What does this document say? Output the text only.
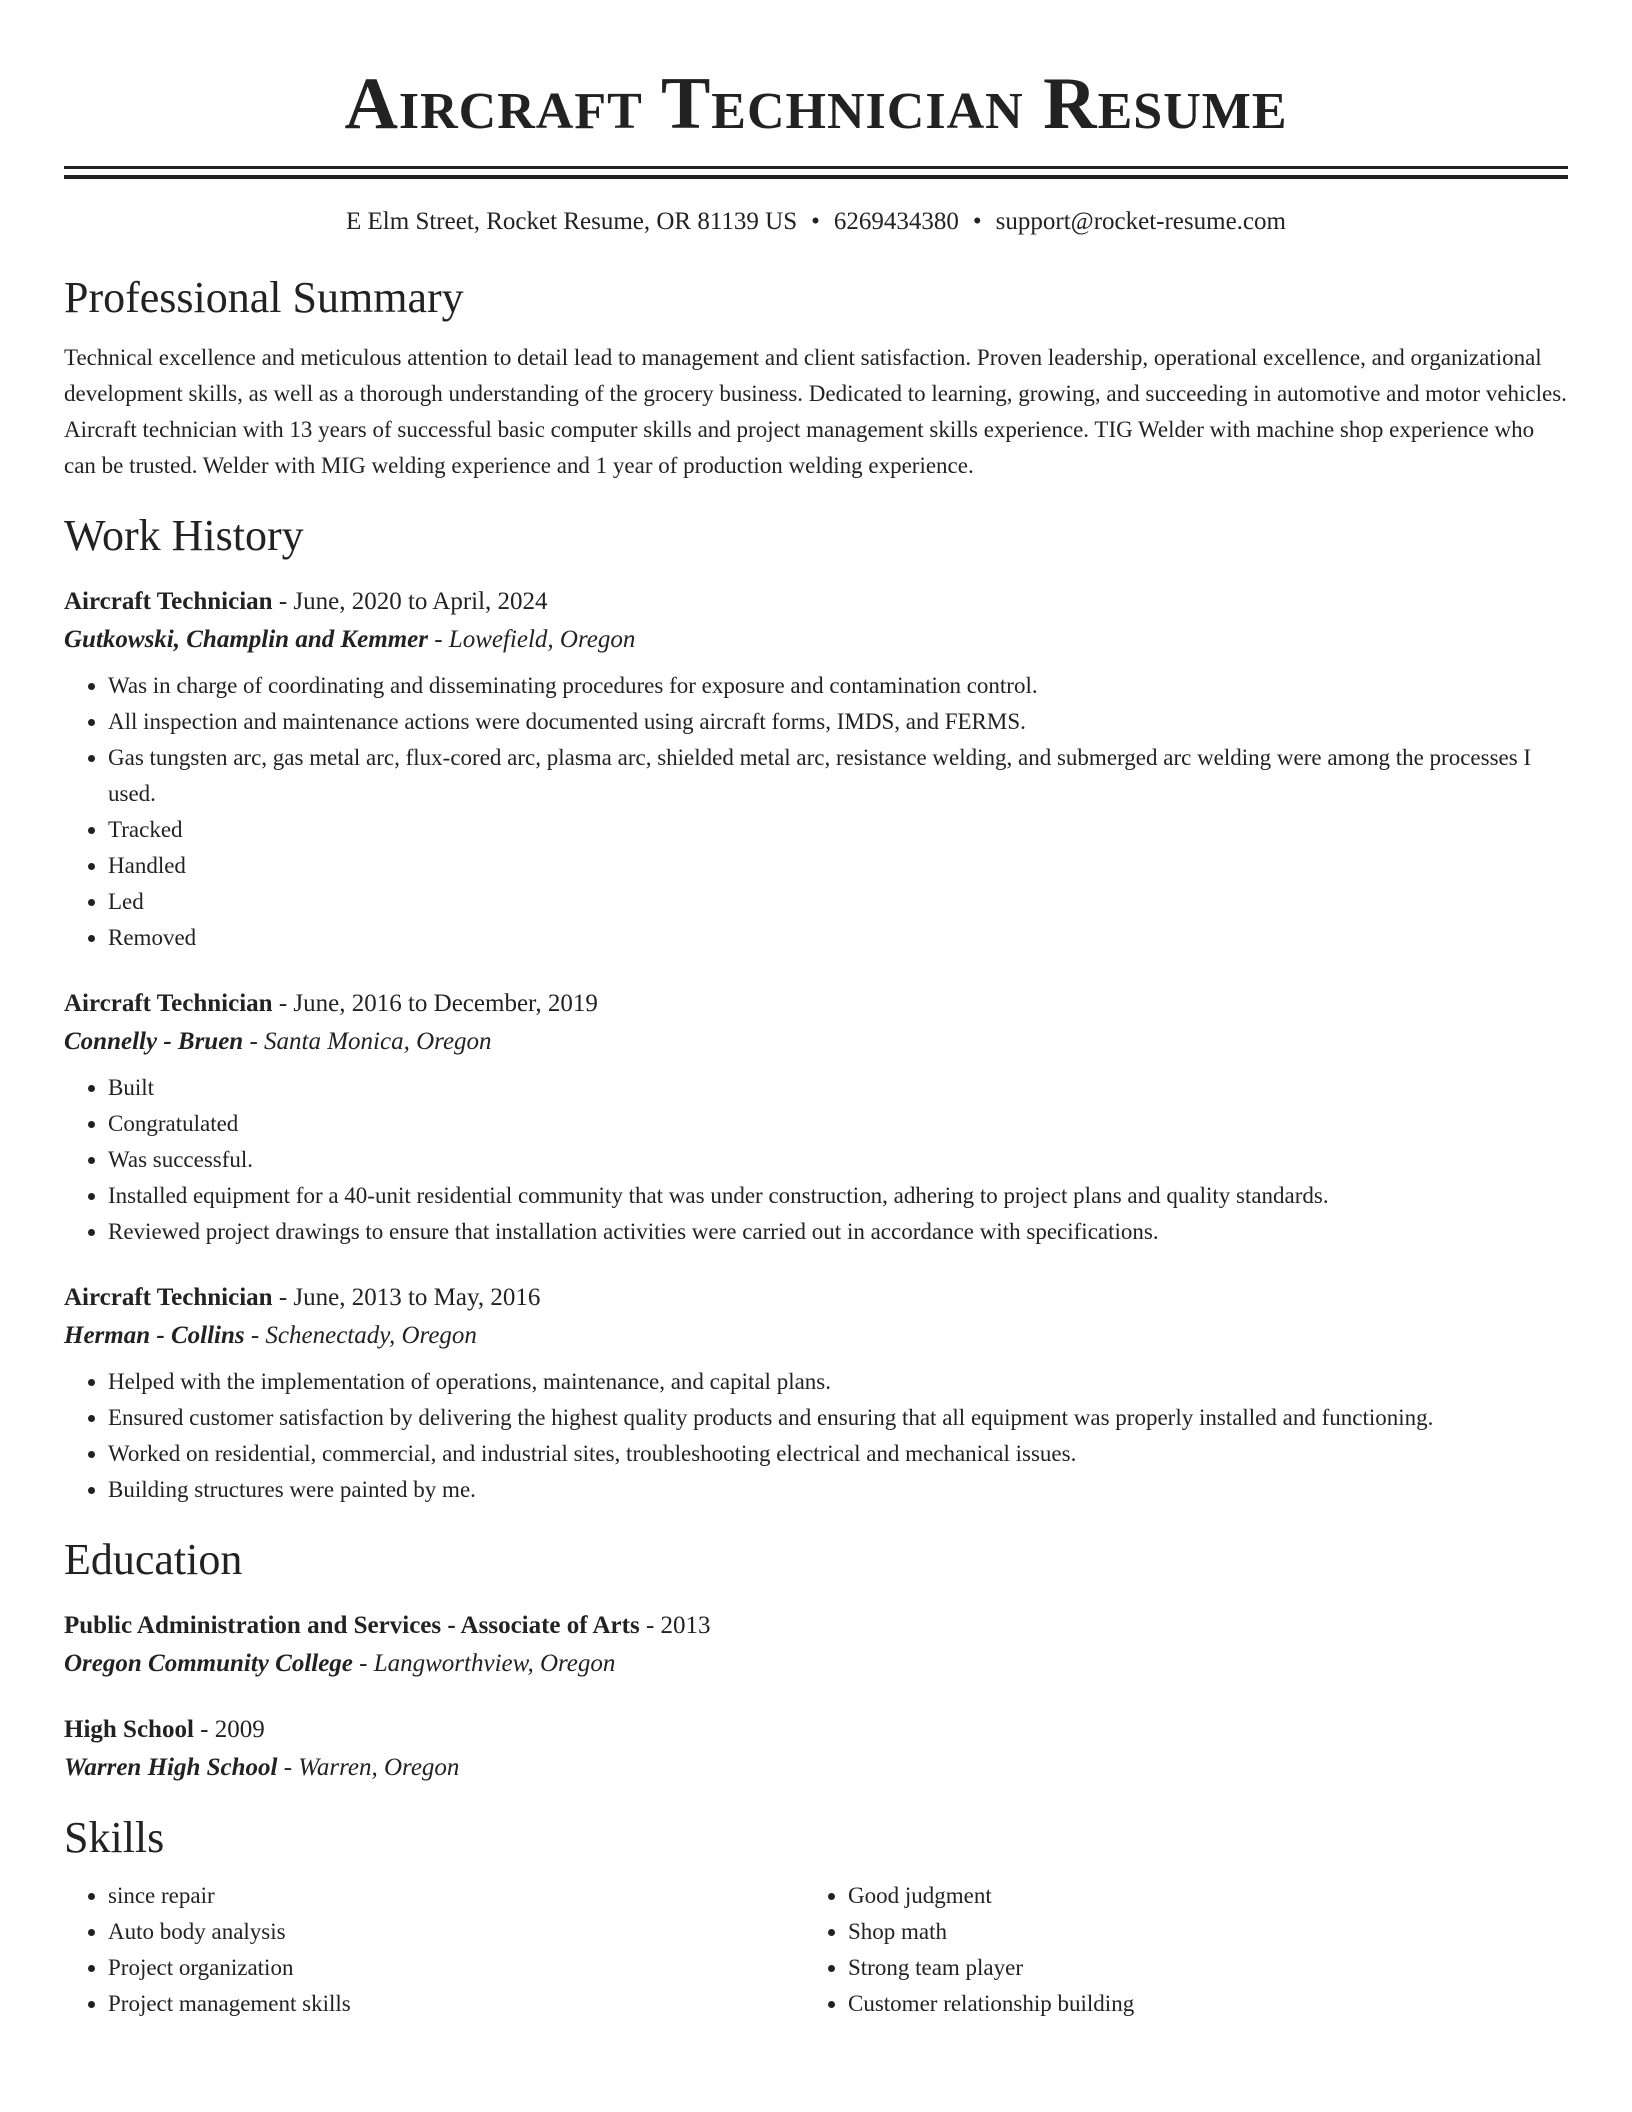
Aircraft Technician Resume
E Elm Street, Rocket Resume, OR 81139 US • 6269434380 • support@rocket-resume.com
Professional Summary

Technical excellence and meticulous attention to detail lead to management and client satisfaction. Proven leadership, operational excellence, and organizational development skills, as well as a thorough understanding of the grocery business. Dedicated to learning, growing, and succeeding in automotive and motor vehicles. Aircraft technician with 13 years of successful basic computer skills and project management skills experience. TIG Welder with machine shop experience who can be trusted. Welder with MIG welding experience and 1 year of production welding experience.

Work History

Aircraft Technician - June, 2020 to April, 2024

Gutkowski, Champlin and Kemmer - Lowefield, Oregon

• Was in charge of coordinating and disseminating procedures for exposure and contamination control.
• All inspection and maintenance actions were documented using aircraft forms, IMDS, and FERMS.
• Gas tungsten arc, gas metal arc, flux-cored arc, plasma arc, shielded metal arc, resistance welding, and submerged arc welding were among the processes I used.
• Tracked
• Handled
• Led
• Removed

Aircraft Technician - June, 2016 to December, 2019

Connelly - Bruen - Santa Monica, Oregon

• Built
• Congratulated
• Was successful.
• Installed equipment for a 40-unit residential community that was under construction, adhering to project plans and quality standards.
• Reviewed project drawings to ensure that installation activities were carried out in accordance with specifications.

Aircraft Technician - June, 2013 to May, 2016

Herman - Collins - Schenectady, Oregon

• Helped with the implementation of operations, maintenance, and capital plans.
• Ensured customer satisfaction by delivering the highest quality products and ensuring that all equipment was properly installed and functioning.
• Worked on residential, commercial, and industrial sites, troubleshooting electrical and mechanical issues.
• Building structures were painted by me.
Education

Public Administration and Services - Associate of Arts - 2013

Oregon Community College - Langworthview, Oregon

High School - 2009

Warren High School - Warren, Oregon

Skills
• since repair
• Auto body analysis
• Project organization
• Project management skills
• Good judgment
• Shop math
• Strong team player
• Customer relationship building
